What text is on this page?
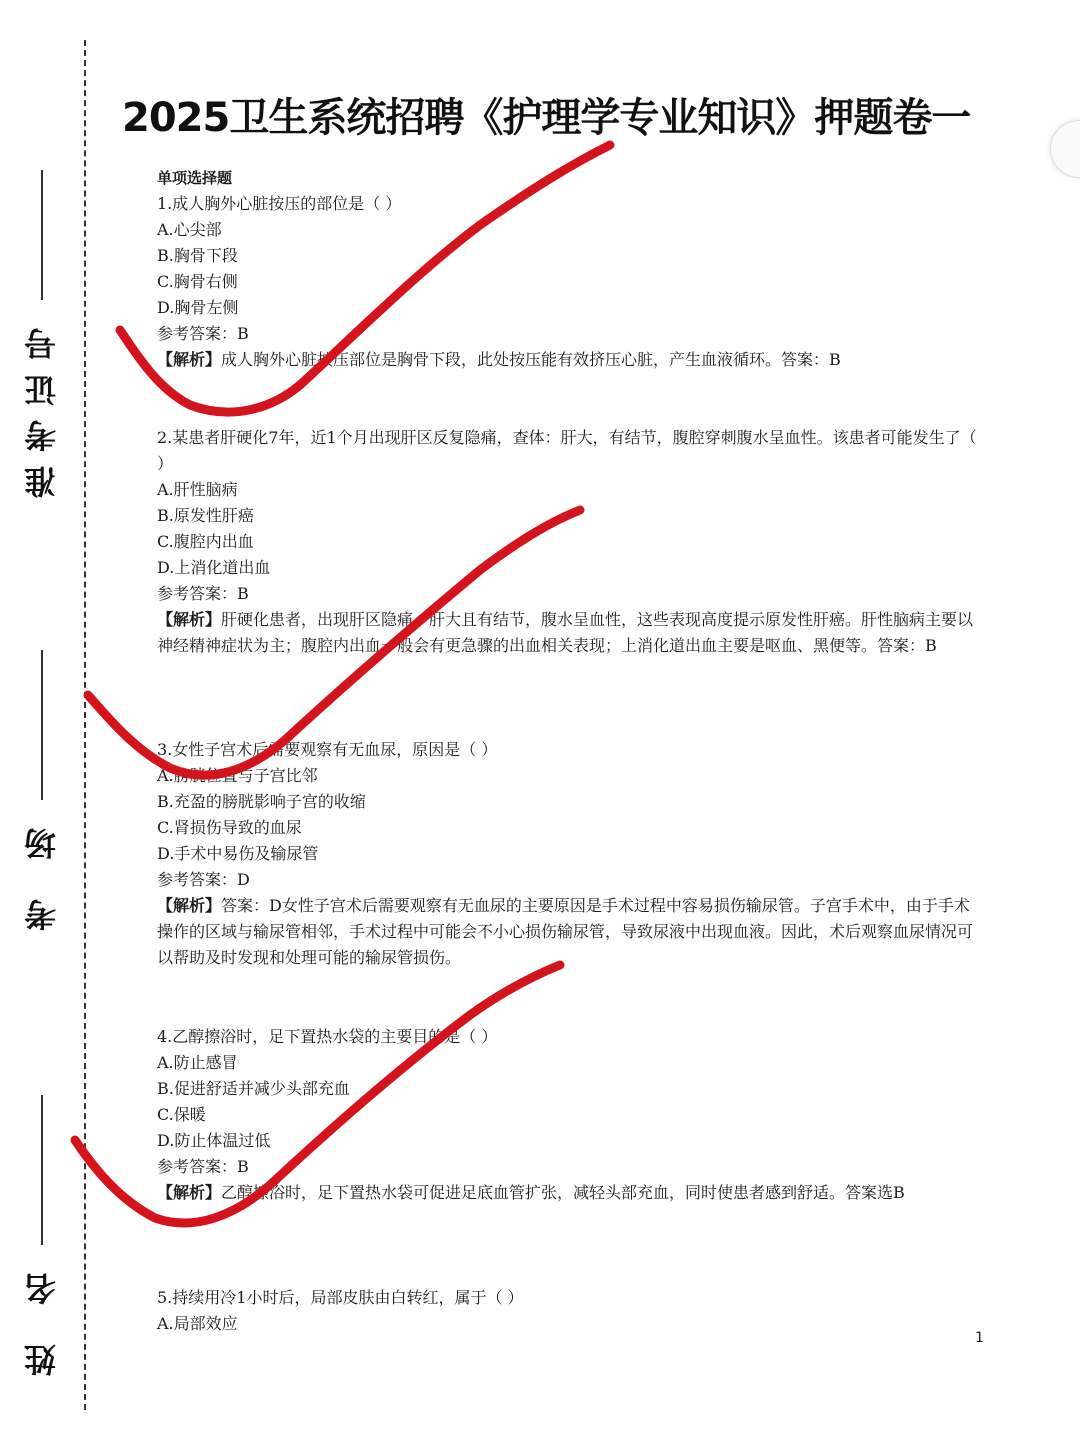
准考证号
考 场
姓 名
2025卫生系统招聘《护理学专业知识》押题卷一
单项选择题
1.成人胸外心脏按压的部位是（ ）
A.心尖部
B.胸骨下段
C.胸骨右侧
D.胸骨左侧
参考答案：B
【解析】成人胸外心脏按压部位是胸骨下段，此处按压能有效挤压心脏，产生血液循环。答案：B
2.某患者肝硬化7年，近1个月出现肝区反复隐痛，查体：肝大，有结节，腹腔穿刺腹水呈血性。该患者可能发生了（ ）
A.肝性脑病
B.原发性肝癌
C.腹腔内出血
D.上消化道出血
参考答案：B
【解析】肝硬化患者，出现肝区隐痛、肝大且有结节，腹水呈血性，这些表现高度提示原发性肝癌。肝性脑病主要以神经精神症状为主；腹腔内出血一般会有更急骤的出血相关表现；上消化道出血主要是呕血、黑便等。答案：B
3.女性子宫术后需要观察有无血尿，原因是（ ）
A.膀胱位置与子宫比邻
B.充盈的膀胱影响子宫的收缩
C.肾损伤导致的血尿
D.手术中易伤及输尿管
参考答案：D
【解析】答案：D女性子宫术后需要观察有无血尿的主要原因是手术过程中容易损伤输尿管。子宫手术中，由于手术操作的区域与输尿管相邻，手术过程中可能会不小心损伤输尿管，导致尿液中出现血液。因此，术后观察血尿情况可以帮助及时发现和处理可能的输尿管损伤。
4.乙醇擦浴时，足下置热水袋的主要目的是（ ）
A.防止感冒
B.促进舒适并减少头部充血
C.保暖
D.防止体温过低
参考答案：B
【解析】乙醇擦浴时，足下置热水袋可促进足底血管扩张，减轻头部充血，同时使患者感到舒适。答案选B
5.持续用冷1小时后，局部皮肤由白转红，属于（ ）
A.局部效应
1
